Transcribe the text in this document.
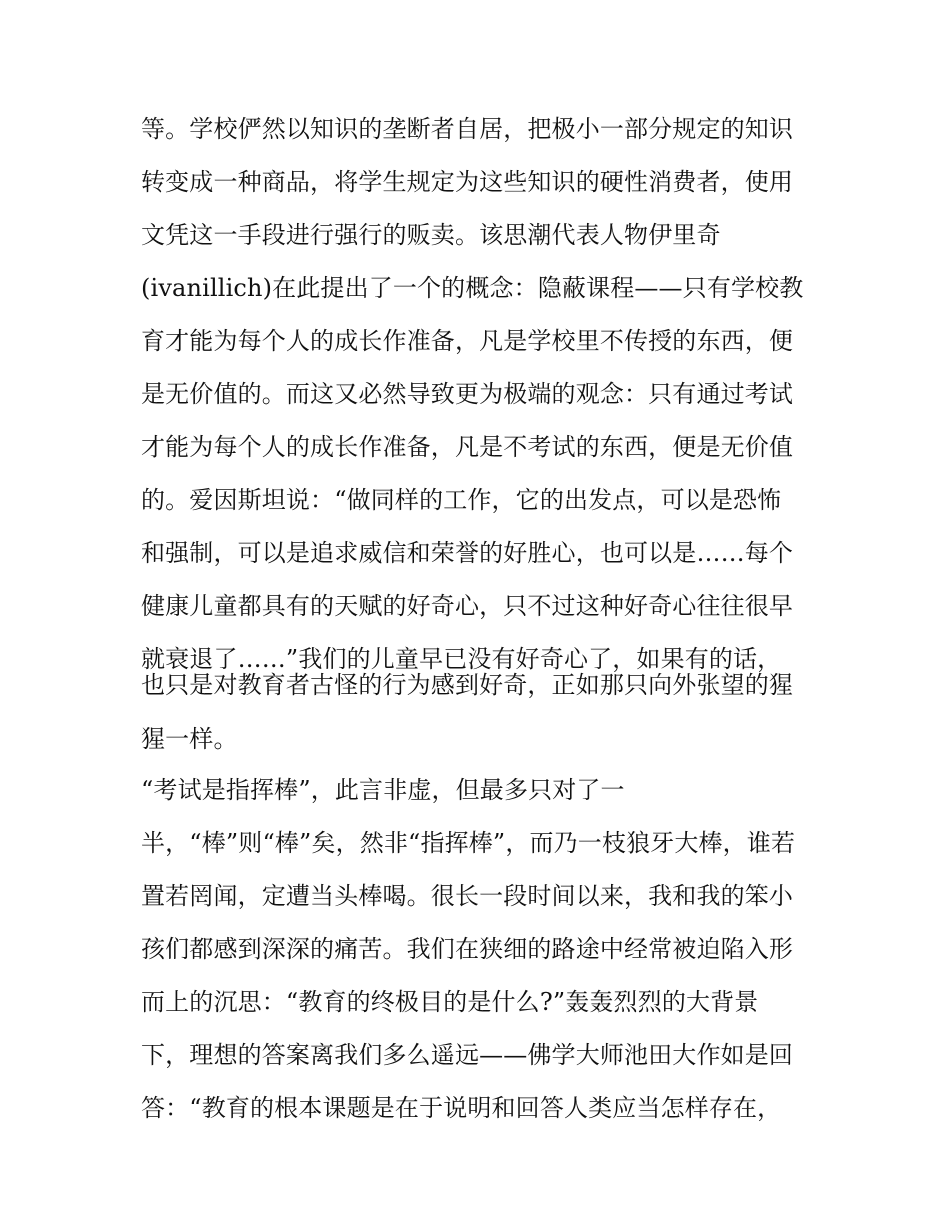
等。学校俨然以知识的垄断者自居，把极小一部分规定的知识
转变成一种商品，将学生规定为这些知识的硬性消费者，使用
文凭这一手段进行强行的贩卖。该思潮代表人物伊里奇
(ivanillich)在此提出了一个的概念：隐蔽课程——只有学校教
育才能为每个人的成长作准备，凡是学校里不传授的东西，便
是无价值的。而这又必然导致更为极端的观念：只有通过考试
才能为每个人的成长作准备，凡是不考试的东西，便是无价值
的。爱因斯坦说：“做同样的工作，它的出发点，可以是恐怖
和强制，可以是追求威信和荣誉的好胜心，也可以是……每个
健康儿童都具有的天赋的好奇心，只不过这种好奇心往往很早
就衰退了……”我们的儿童早已没有好奇心了，如果有的话，
也只是对教育者古怪的行为感到好奇，正如那只向外张望的猩
猩一样。
“考试是指挥棒”，此言非虚，但最多只对了一
半，“棒”则“棒”矣，然非“指挥棒”，而乃一枝狼牙大棒，谁若
置若罔闻，定遭当头棒喝。很长一段时间以来，我和我的笨小
孩们都感到深深的痛苦。我们在狭细的路途中经常被迫陷入形
而上的沉思：“教育的终极目的是什么?”轰轰烈烈的大背景
下，理想的答案离我们多么遥远——佛学大师池田大作如是回
答：“教育的根本课题是在于说明和回答人类应当怎样存在，
